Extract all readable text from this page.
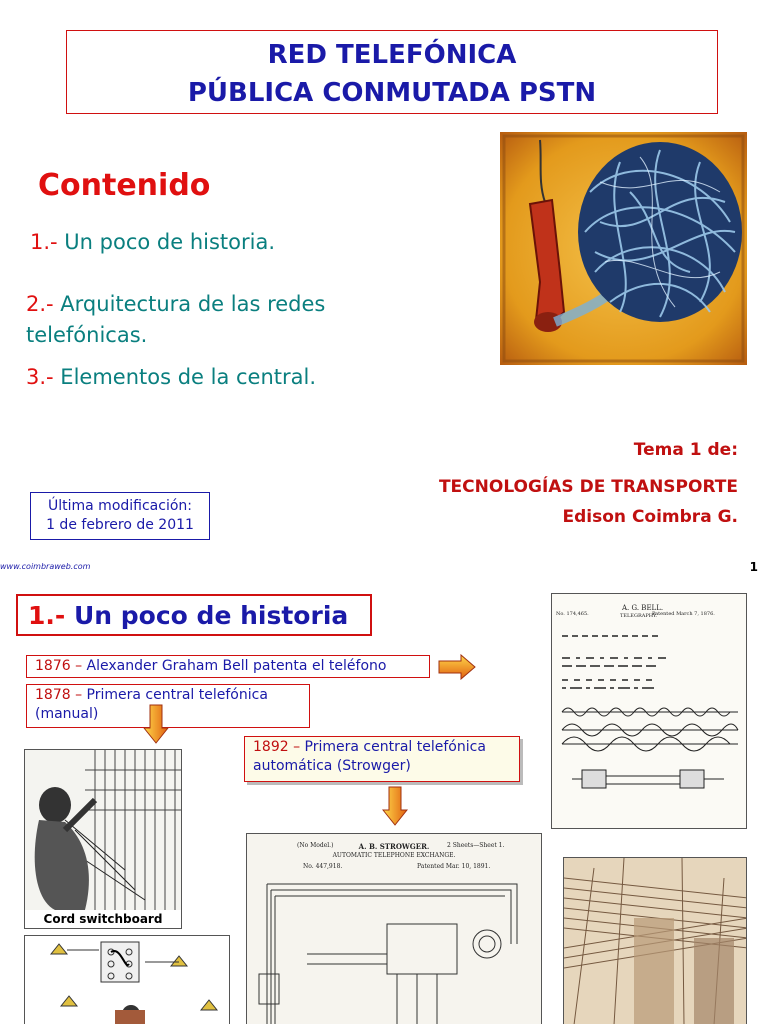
RED TELEFÓNICA
PÚBLICA CONMUTADA PSTN
Contenido
1.- Un poco de historia.
2.- Arquitectura de las redes
telefónicas.
3.- Elementos de la central.
Tema 1 de:
TECNOLOGÍAS DE TRANSPORTE
Edison Coimbra G.
Última modificación:
1 de febrero de 2011
www.coimbraweb.com	1
1.- Un poco de historia
1876 – Alexander Graham Bell patenta el teléfono
1878 – Primera central telefónica
(manual)
1892 – Primera central telefónica
automática (Strowger)
A. G. BELL.
TELEGRAPHY.
No. 174,465.	Patented March 7, 1876.
Cord switchboard
(No Model.)	2 Sheets—Sheet 1.
A. B. STROWGER.
AUTOMATIC TELEPHONE EXCHANGE.
No. 447,918.	Patented Mar. 10, 1891.
